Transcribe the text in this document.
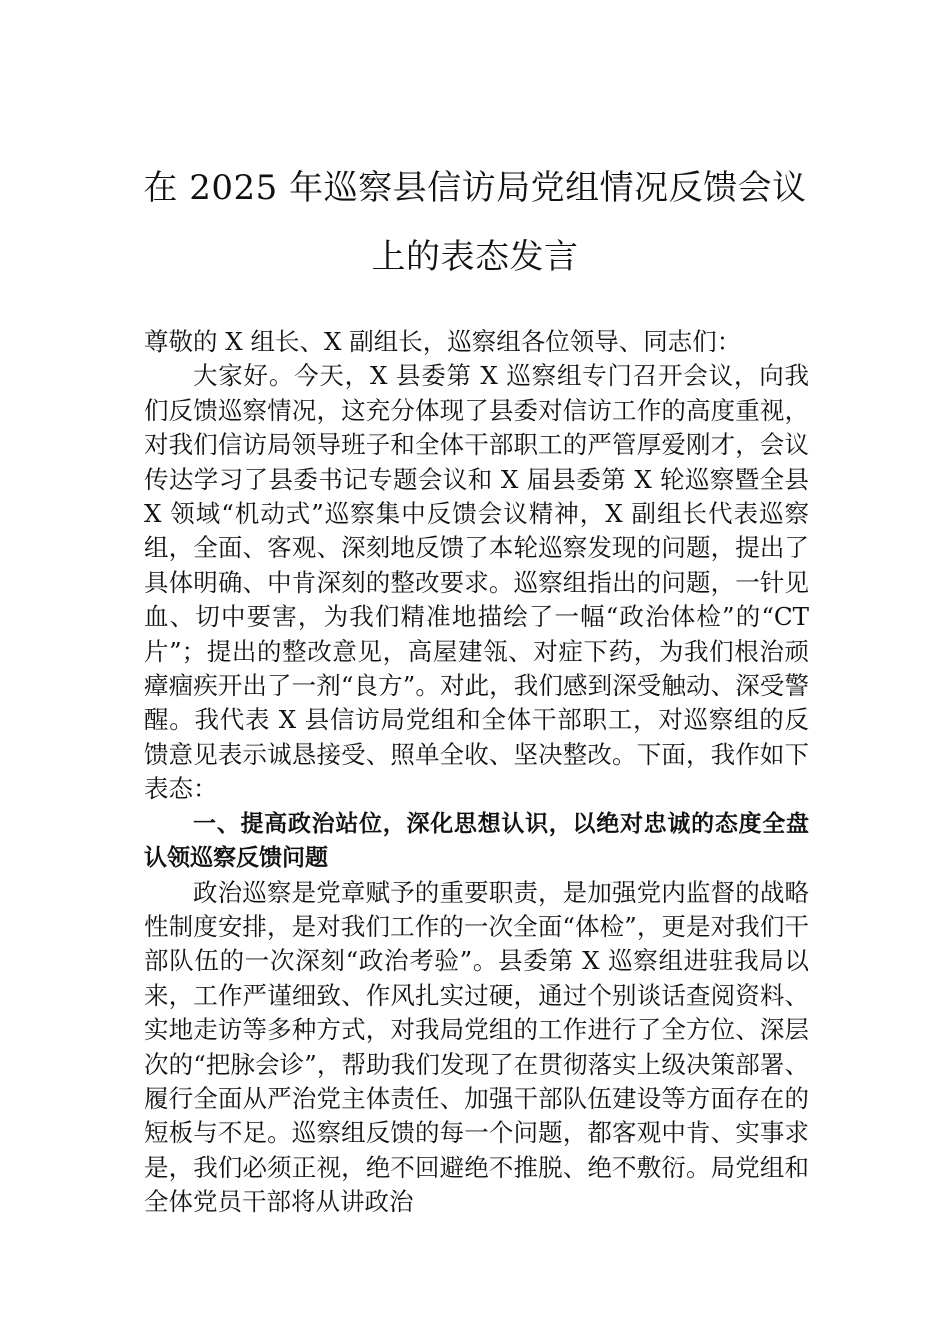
在 2025 年巡察县信访局党组情况反馈会议
上的表态发言

尊敬的 X 组长、X 副组长，巡察组各位领导、同志们：

大家好。今天，X 县委第 X 巡察组专门召开会议，向我们反馈巡察情况，这充分体现了县委对信访工作的高度重视，对我们信访局领导班子和全体干部职工的严管厚爱刚才，会议传达学习了县委书记专题会议和 X 届县委第 X 轮巡察暨全县 X 领域“机动式”巡察集中反馈会议精神，X 副组长代表巡察组，全面、客观、深刻地反馈了本轮巡察发现的问题，提出了具体明确、中肯深刻的整改要求。巡察组指出的问题，一针见血、切中要害，为我们精准地描绘了一幅“政治体检”的“CT 片”；提出的整改意见，高屋建瓴、对症下药，为我们根治顽瘴痼疾开出了一剂“良方”。对此，我们感到深受触动、深受警醒。我代表 X 县信访局党组和全体干部职工，对巡察组的反馈意见表示诚恳接受、照单全收、坚决整改。下面，我作如下表态：

一、提高政治站位，深化思想认识，以绝对忠诚的态度全盘认领巡察反馈问题

政治巡察是党章赋予的重要职责，是加强党内监督的战略性制度安排，是对我们工作的一次全面“体检”，更是对我们干部队伍的一次深刻“政治考验”。县委第 X 巡察组进驻我局以来，工作严谨细致、作风扎实过硬，通过个别谈话查阅资料、实地走访等多种方式，对我局党组的工作进行了全方位、深层次的“把脉会诊”，帮助我们发现了在贯彻落实上级决策部署、履行全面从严治党主体责任、加强干部队伍建设等方面存在的短板与不足。巡察组反馈的每一个问题，都客观中肯、实事求是，我们必须正视，绝不回避绝不推脱、绝不敷衍。局党组和全体党员干部将从讲政治
